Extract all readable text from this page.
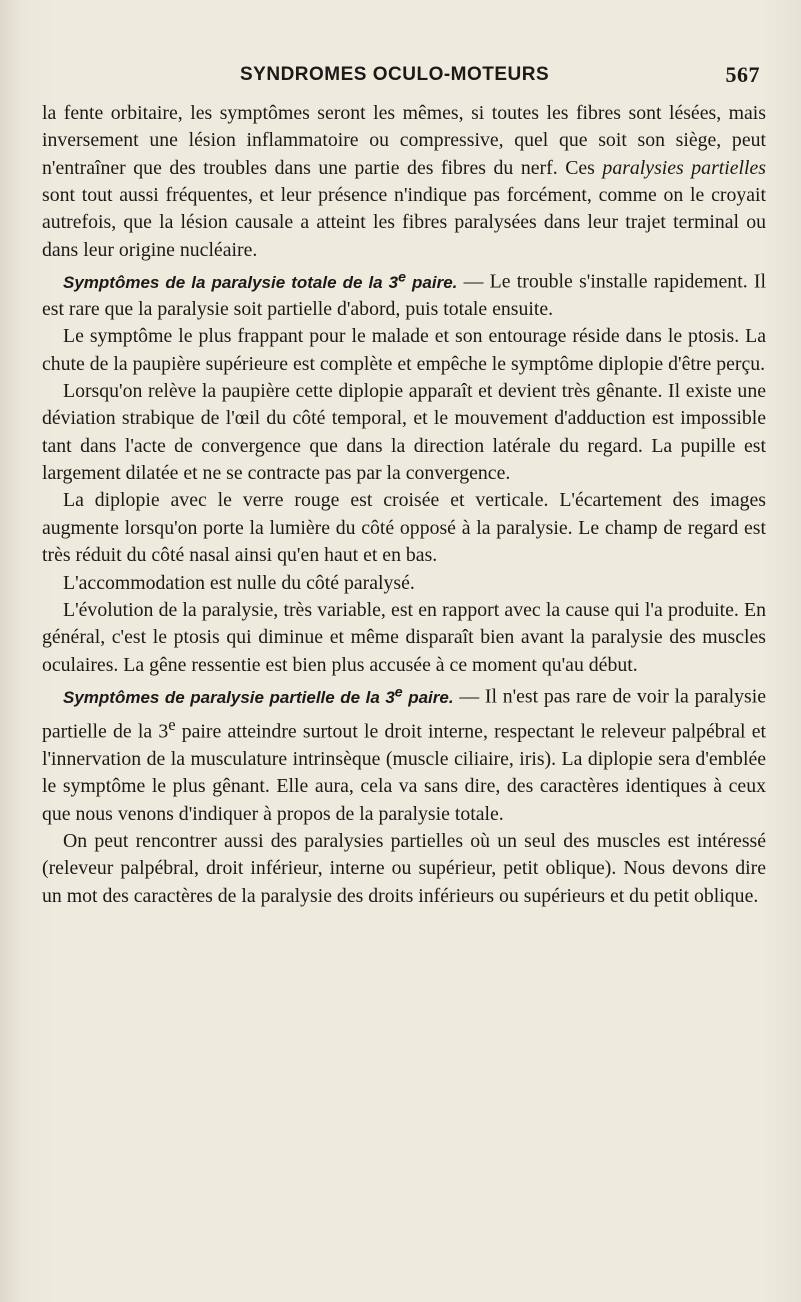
SYNDROMES OCULO-MOTEURS	567

la fente orbitaire, les symptômes seront les mêmes, si toutes les fibres sont lésées, mais inversement une lésion inflammatoire ou compressive, quel que soit son siège, peut n'entraîner que des troubles dans une partie des fibres du nerf. Ces paralysies partielles sont tout aussi fréquentes, et leur présence n'indique pas forcément, comme on le croyait autrefois, que la lésion causale a atteint les fibres paralysées dans leur trajet terminal ou dans leur origine nucléaire.

Symptômes de la paralysie totale de la 3e paire. — Le trouble s'installe rapidement. Il est rare que la paralysie soit partielle d'abord, puis totale ensuite.

Le symptôme le plus frappant pour le malade et son entourage réside dans le ptosis. La chute de la paupière supérieure est complète et empêche le symptôme diplopie d'être perçu.

Lorsqu'on relève la paupière cette diplopie apparaît et devient très gênante. Il existe une déviation strabique de l'œil du côté temporal, et le mouvement d'adduction est impossible tant dans l'acte de convergence que dans la direction latérale du regard. La pupille est largement dilatée et ne se contracte pas par la convergence.

La diplopie avec le verre rouge est croisée et verticale. L'écartement des images augmente lorsqu'on porte la lumière du côté opposé à la paralysie. Le champ de regard est très réduit du côté nasal ainsi qu'en haut et en bas.

L'accommodation est nulle du côté paralysé.

L'évolution de la paralysie, très variable, est en rapport avec la cause qui l'a produite. En général, c'est le ptosis qui diminue et même disparaît bien avant la paralysie des muscles oculaires. La gêne ressentie est bien plus accusée à ce moment qu'au début.

Symptômes de paralysie partielle de la 3e paire. — Il n'est pas rare de voir la paralysie partielle de la 3e paire atteindre surtout le droit interne, respectant le releveur palpébral et l'innervation de la musculature intrinsèque (muscle ciliaire, iris). La diplopie sera d'emblée le symptôme le plus gênant. Elle aura, cela va sans dire, des caractères identiques à ceux que nous venons d'indiquer à propos de la paralysie totale.

On peut rencontrer aussi des paralysies partielles où un seul des muscles est intéressé (releveur palpébral, droit inférieur, interne ou supérieur, petit oblique). Nous devons dire un mot des caractères de la paralysie des droits inférieurs ou supérieurs et du petit oblique.
